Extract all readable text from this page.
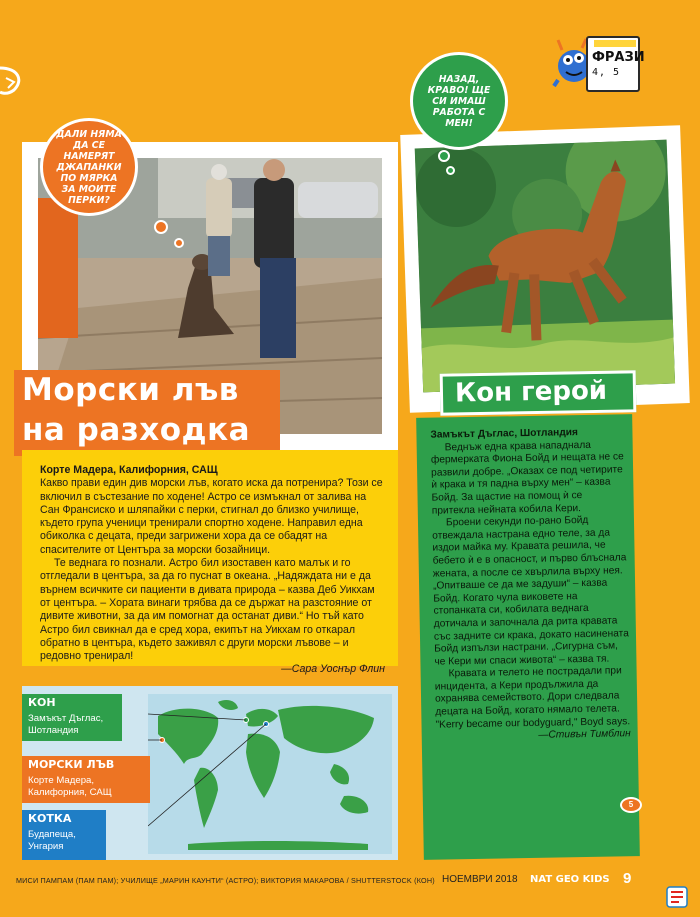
ФРАЗИ
4, 5
Морски лъв
на разходка

Корте Мадера, Калифорния, САЩ

Какво прави един див морски лъв, когато иска да потренира? Този се включил в състезание по ходене! Астро се измъкнал от залива на Сан Франсиско и шляпайки с перки, стигнал до близко училище, където група ученици тренирали спортно ходене. Направил една обиколка с децата, преди загрижени хора да се обадят на спасителите от Центъра за морски бозайници.

Те веднага го познали. Астро бил изоставен като малък и го отгледали в центъра, за да го пуснат в океана. „Надяждата ни е да върнем всичките си пациенти в дивата природа – казва Деб Уикхам от центъра. – Хората винаги трябва да се държат на разстояние от дивите животни, за да им помогнат да останат диви.“ Но тъй като Астро бил свикнал да е сред хора, екипът на Уикхам го откарал обратно в центъра, където заживял с други морски лъвове – и редовно тренирал!

—Сара Уоснър Флин

ДАЛИ НЯМА ДА СЕ НАМЕРЯТ ДЖАПАНКИ ПО МЯРКА ЗА МОИТЕ ПЕРКИ?
НАЗАД, КРАВО! ЩЕ СИ ИМАШ РАБОТА С МЕН!
Кон герой

Замъкът Дъглас, Шотландия

Веднъж една крава нападнала фермерката Фиона Бойд и нещата не се развили добре. „Оказах се под четирите ѝ крака и тя падна върху мен“ – казва Бойд. За щастие на помощ ѝ се притекла нейната кобила Кери.

Броени секунди по-рано Бойд отвеждала настрана едно теле, за да издои майка му. Кравата решила, че бебето ѝ е в опасност, и първо блъснала жената, а после се хвърлила върху нея. „Опитваше се да ме задуши“ – казва Бойд. Когато чула виковете на стопанката си, кобилата веднага дотичала и започнала да рита кравата със задните си крака, докато насинената Бойд изпълзи настрани. „Сигурна съм, че Кери ми спаси живота“ – казва тя.

Кравата и телето не пострадали при инцидента, а Кери продължила да охранява семейството. Дори следвала децата на Бойд, когато нямало телета. "Kerry became our bodyguard," Boyd says.

—Стивън Тимблин

5
КОН
Замъкът Дъглас,
Шотландия
МОРСКИ ЛЪВ
Корте Мадера,
Калифорния, САЩ
КОТКА
Будапеща,
Унгария
МИСИ ПАМПАМ (ПАМ ПАМ); УЧИЛИЩЕ „МАРИН КАУНТИ“ (АСТРО); ВИКТОРИЯ МАКАРОВА / SHUTTERSTOCK (КОН) НОЕМВРИ 2018 NAT GEO KIDS 9
